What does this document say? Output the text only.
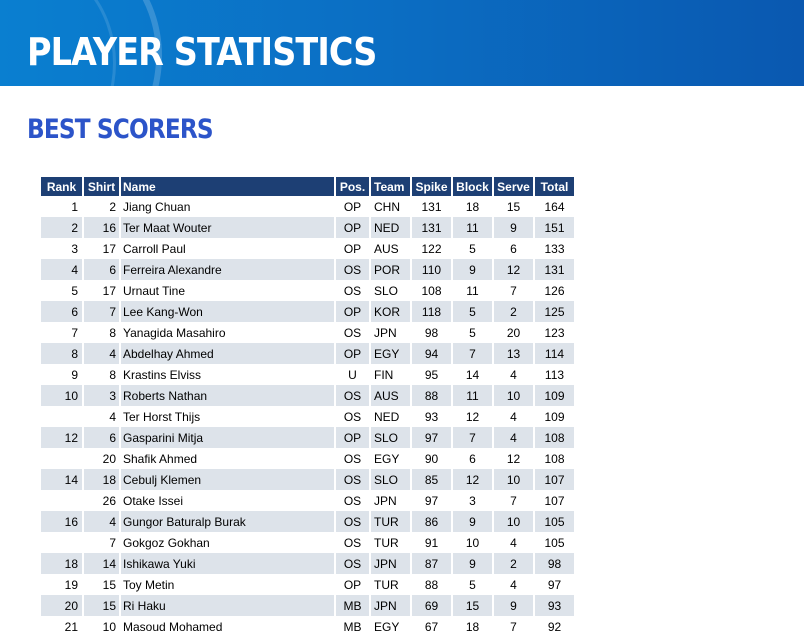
PLAYER STATISTICS
BEST SCORERS
Rank	Shirt	Name	Pos.	Team	Spike	Block	Serve	Total
1	2	Jiang Chuan	OP	CHN	131	18	15	164
2	16	Ter Maat Wouter	OP	NED	131	11	9	151
3	17	Carroll Paul	OP	AUS	122	5	6	133
4	6	Ferreira Alexandre	OS	POR	110	9	12	131
5	17	Urnaut Tine	OS	SLO	108	11	7	126
6	7	Lee Kang-Won	OP	KOR	118	5	2	125
7	8	Yanagida Masahiro	OS	JPN	98	5	20	123
8	4	Abdelhay Ahmed	OP	EGY	94	7	13	114
9	8	Krastins Elviss	U	FIN	95	14	4	113
10	3	Roberts Nathan	OS	AUS	88	11	10	109
	4	Ter Horst Thijs	OS	NED	93	12	4	109
12	6	Gasparini Mitja	OP	SLO	97	7	4	108
	20	Shafik Ahmed	OS	EGY	90	6	12	108
14	18	Cebulj Klemen	OS	SLO	85	12	10	107
	26	Otake Issei	OS	JPN	97	3	7	107
16	4	Gungor Baturalp Burak	OS	TUR	86	9	10	105
	7	Gokgoz Gokhan	OS	TUR	91	10	4	105
18	14	Ishikawa Yuki	OS	JPN	87	9	2	98
19	15	Toy Metin	OP	TUR	88	5	4	97
20	15	Ri Haku	MB	JPN	69	15	9	93
21	10	Masoud Mohamed	MB	EGY	67	18	7	92
